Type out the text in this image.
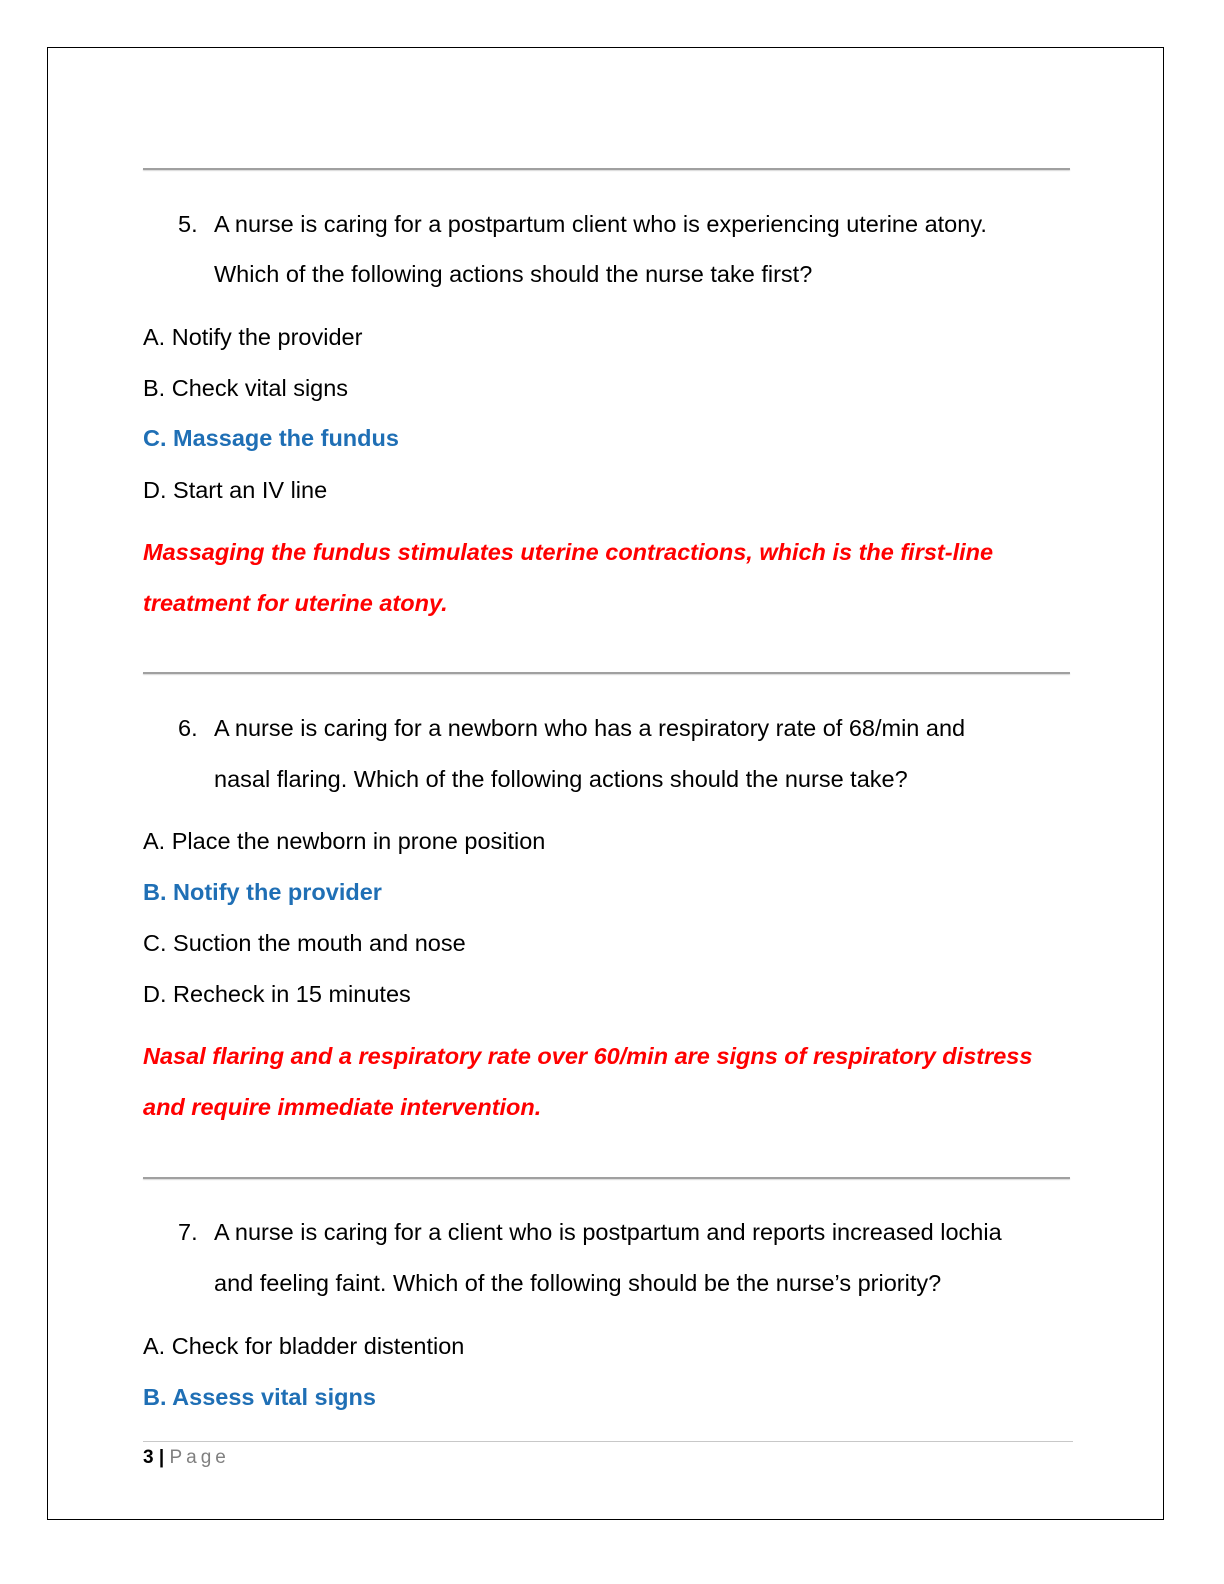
5. A nurse is caring for a postpartum client who is experiencing uterine atony.
Which of the following actions should the nurse take first?
A. Notify the provider
B. Check vital signs
C. Massage the fundus
D. Start an IV line
Massaging the fundus stimulates uterine contractions, which is the first-line
treatment for uterine atony.
6. A nurse is caring for a newborn who has a respiratory rate of 68/min and
nasal flaring. Which of the following actions should the nurse take?
A. Place the newborn in prone position
B. Notify the provider
C. Suction the mouth and nose
D. Recheck in 15 minutes
Nasal flaring and a respiratory rate over 60/min are signs of respiratory distress
and require immediate intervention.
7. A nurse is caring for a client who is postpartum and reports increased lochia
and feeling faint. Which of the following should be the nurse’s priority?
A. Check for bladder distention
B. Assess vital signs
3 | Page
